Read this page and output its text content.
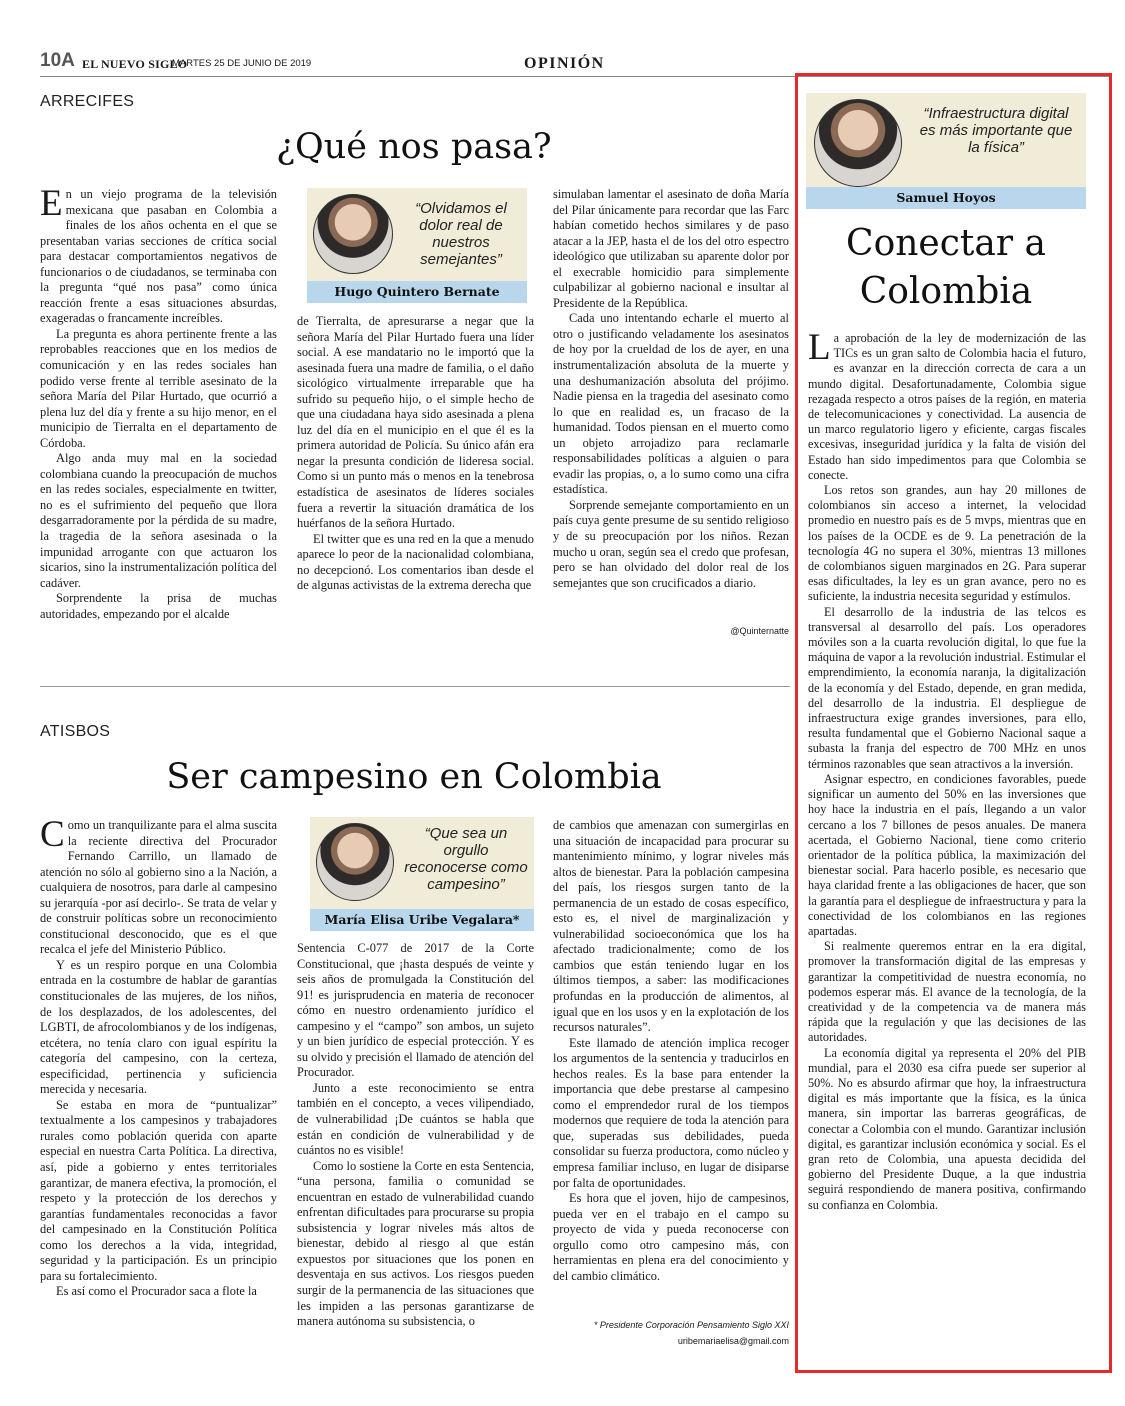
10A EL NUEVO SIGLO
MARTES 25 DE JUNIO DE 2019	OPINIÓN
ARRECIFES
¿Qué nos pasa?
“Olvidamos el dolor real de nuestros semejantes”
Hugo Quintero Bernate

En un viejo programa de la televisión mexicana que pasaban en Colombia a finales de los años ochenta en el que se presentaban varias secciones de crítica social para destacar comportamientos negativos de funcionarios o de ciudadanos, se terminaba con la pregunta “qué nos pasa” como única reacción frente a esas situaciones absurdas, exageradas o francamente increíbles.

La pregunta es ahora pertinente frente a las reprobables reacciones que en los medios de comunicación y en las redes sociales han podido verse frente al terrible asesinato de la señora María del Pilar Hurtado, que ocurrió a plena luz del día y frente a su hijo menor, en el municipio de Tierralta en el departamento de Córdoba.

Algo anda muy mal en la sociedad colombiana cuando la preocupación de muchos en las redes sociales, especialmente en twitter, no es el sufrimiento del pequeño que llora desgarradoramente por la pérdida de su madre, la tragedia de la señora asesinada o la impunidad arrogante con que actuaron los sicarios, sino la instrumentalización política del cadáver.

Sorprendente la prisa de muchas autoridades, empezando por el alcalde

de Tierralta, de apresurarse a negar que la señora María del Pilar Hurtado fuera una líder social. A ese mandatario no le importó que la asesinada fuera una madre de familia, o el daño sicológico virtualmente irreparable que ha sufrido su pequeño hijo, o el simple hecho de que una ciudadana haya sido asesinada a plena luz del día en el municipio en el que él es la primera autoridad de Policía. Su único afán era negar la presunta condición de lideresa social. Como si un punto más o menos en la tenebrosa estadística de asesinatos de líderes sociales fuera a revertir la situación dramática de los huérfanos de la señora Hurtado.

El twitter que es una red en la que a menudo aparece lo peor de la nacionalidad colombiana, no decepcionó. Los comentarios iban desde el de algunas activistas de la extrema derecha que

simulaban lamentar el asesinato de doña María del Pilar únicamente para recordar que las Farc habían cometido hechos similares y de paso atacar a la JEP, hasta el de los del otro espectro ideológico que utilizaban su aparente dolor por el execrable homicidio para simplemente culpabilizar al gobierno nacional e insultar al Presidente de la República.

Cada uno intentando echarle el muerto al otro o justificando veladamente los asesinatos de hoy por la crueldad de los de ayer, en una instrumentalización absoluta de la muerte y una deshumanización absoluta del prójimo. Nadie piensa en la tragedia del asesinato como lo que en realidad es, un fracaso de la humanidad. Todos piensan en el muerto como un objeto arrojadizo para reclamarle responsabilidades políticas a alguien o para evadir las propias, o, a lo sumo como una cifra estadística.

Sorprende semejante comportamiento en un país cuya gente presume de su sentido religioso y de su preocupación por los niños. Rezan mucho u oran, según sea el credo que profesan, pero se han olvidado del dolor real de los semejantes que son crucificados a diario.

@Quinternatte
ATISBOS
Ser campesino en Colombia
“Que sea un orgullo reconocerse como campesino”
María Elisa Uribe Vegalara*

Como un tranquilizante para el alma suscita la reciente directiva del Procurador Fernando Carrillo, un llamado de atención no sólo al gobierno sino a la Nación, a cualquiera de nosotros, para darle al campesino su jerarquía -por así decirlo-. Se trata de velar y de construir políticas sobre un reconocimiento constitucional desconocido, que es el que recalca el jefe del Ministerio Público.

Y es un respiro porque en una Colombia entrada en la costumbre de hablar de garantías constitucionales de las mujeres, de los niños, de los desplazados, de los adolescentes, del LGBTI, de afrocolombianos y de los indígenas, etcétera, no tenía claro con igual espíritu la categoría del campesino, con la certeza, especificidad, pertinencia y suficiencia merecida y necesaria.

Se estaba en mora de “puntualizar” textualmente a los campesinos y trabajadores rurales como población querida con aparte especial en nuestra Carta Política. La directiva, así, pide a gobierno y entes territoriales garantizar, de manera efectiva, la promoción, el respeto y la protección de los derechos y garantías fundamentales reconocidas a favor del campesinado en la Constitución Política como los derechos a la vida, integridad, seguridad y la participación. Es un principio para su fortalecimiento.

Es así como el Procurador saca a flote la

Sentencia C-077 de 2017 de la Corte Constitucional, que ¡hasta después de veinte y seis años de promulgada la Constitución del 91! es jurisprudencia en materia de reconocer cómo en nuestro ordenamiento jurídico el campesino y el “campo” son ambos, un sujeto y un bien jurídico de especial protección. Y es su olvido y precisión el llamado de atención del Procurador.

Junto a este reconocimiento se entra también en el concepto, a veces vilipendiado, de vulnerabilidad ¡De cuántos se habla que están en condición de vulnerabilidad y de cuántos no es visible!

Como lo sostiene la Corte en esta Sentencia, “una persona, familia o comunidad se encuentran en estado de vulnerabilidad cuando enfrentan dificultades para procurarse su propia subsistencia y lograr niveles más altos de bienestar, debido al riesgo al que están expuestos por situaciones que los ponen en desventaja en sus activos. Los riesgos pueden surgir de la permanencia de las situaciones que les impiden a las personas garantizarse de manera autónoma su subsistencia, o

de cambios que amenazan con sumergirlas en una situación de incapacidad para procurar su mantenimiento mínimo, y lograr niveles más altos de bienestar. Para la población campesina del país, los riesgos surgen tanto de la permanencia de un estado de cosas específico, esto es, el nivel de marginalización y vulnerabilidad socioeconómica que los ha afectado tradicionalmente; como de los cambios que están teniendo lugar en los últimos tiempos, a saber: las modificaciones profundas en la producción de alimentos, al igual que en los usos y en la explotación de los recursos naturales”.

Este llamado de atención implica recoger los argumentos de la sentencia y traducirlos en hechos reales. Es la base para entender la importancia que debe prestarse al campesino como el emprendedor rural de los tiempos modernos que requiere de toda la atención para que, superadas sus debilidades, pueda consolidar su fuerza productora, como núcleo y empresa familiar incluso, en lugar de disiparse por falta de oportunidades.

Es hora que el joven, hijo de campesinos, pueda ver en el trabajo en el campo su proyecto de vida y pueda reconocerse con orgullo como otro campesino más, con herramientas en plena era del conocimiento y del cambio climático.

* Presidente Corporación Pensamiento Siglo XXI
uribemariaelisa@gmail.com
“Infraestructura digital es más importante que la física”
Samuel Hoyos
Conectar a
Colombia

La aprobación de la ley de modernización de las TICs es un gran salto de Colombia hacia el futuro, es avanzar en la dirección correcta de cara a un mundo digital. Desafortunadamente, Colombia sigue rezagada respecto a otros países de la región, en materia de telecomunicaciones y conectividad. La ausencia de un marco regulatorio ligero y eficiente, cargas fiscales excesivas, inseguridad jurídica y la falta de visión del Estado han sido impedimentos para que Colombia se conecte.

Los retos son grandes, aun hay 20 millones de colombianos sin acceso a internet, la velocidad promedio en nuestro país es de 5 mvps, mientras que en los países de la OCDE es de 9. La penetración de la tecnología 4G no supera el 30%, mientras 13 millones de colombianos siguen marginados en 2G. Para superar esas dificultades, la ley es un gran avance, pero no es suficiente, la industria necesita seguridad y estímulos.

El desarrollo de la industria de las telcos es transversal al desarrollo del país. Los operadores móviles son a la cuarta revolución digital, lo que fue la máquina de vapor a la revolución industrial. Estimular el emprendimiento, la economía naranja, la digitalización de la economía y del Estado, depende, en gran medida, del desarrollo de la industria. El despliegue de infraestructura exige grandes inversiones, para ello, resulta fundamental que el Gobierno Nacional saque a subasta la franja del espectro de 700 MHz en unos términos razonables que sean atractivos a la inversión.

Asignar espectro, en condiciones favorables, puede significar un aumento del 50% en las inversiones que hoy hace la industria en el país, llegando a un valor cercano a los 7 billones de pesos anuales. De manera acertada, el Gobierno Nacional, tiene como criterio orientador de la política pública, la maximización del bienestar social. Para hacerlo posible, es necesario que haya claridad frente a las obligaciones de hacer, que son la garantía para el despliegue de infraestructura y para la conectividad de los colombianos en las regiones apartadas.

Si realmente queremos entrar en la era digital, promover la transformación digital de las empresas y garantizar la competitividad de nuestra economía, no podemos esperar más. El avance de la tecnología, de la creatividad y de la competencia va de manera más rápida que la regulación y que las decisiones de las autoridades.

La economía digital ya representa el 20% del PIB mundial, para el 2030 esa cifra puede ser superior al 50%. No es absurdo afirmar que hoy, la infraestructura digital es más importante que la física, es la única manera, sin importar las barreras geográficas, de conectar a Colombia con el mundo. Garantizar inclusión digital, es garantizar inclusión económica y social. Es el gran reto de Colombia, una apuesta decidida del gobierno del Presidente Duque, a la que industria seguirá respondiendo de manera positiva, confirmando su confianza en Colombia.
